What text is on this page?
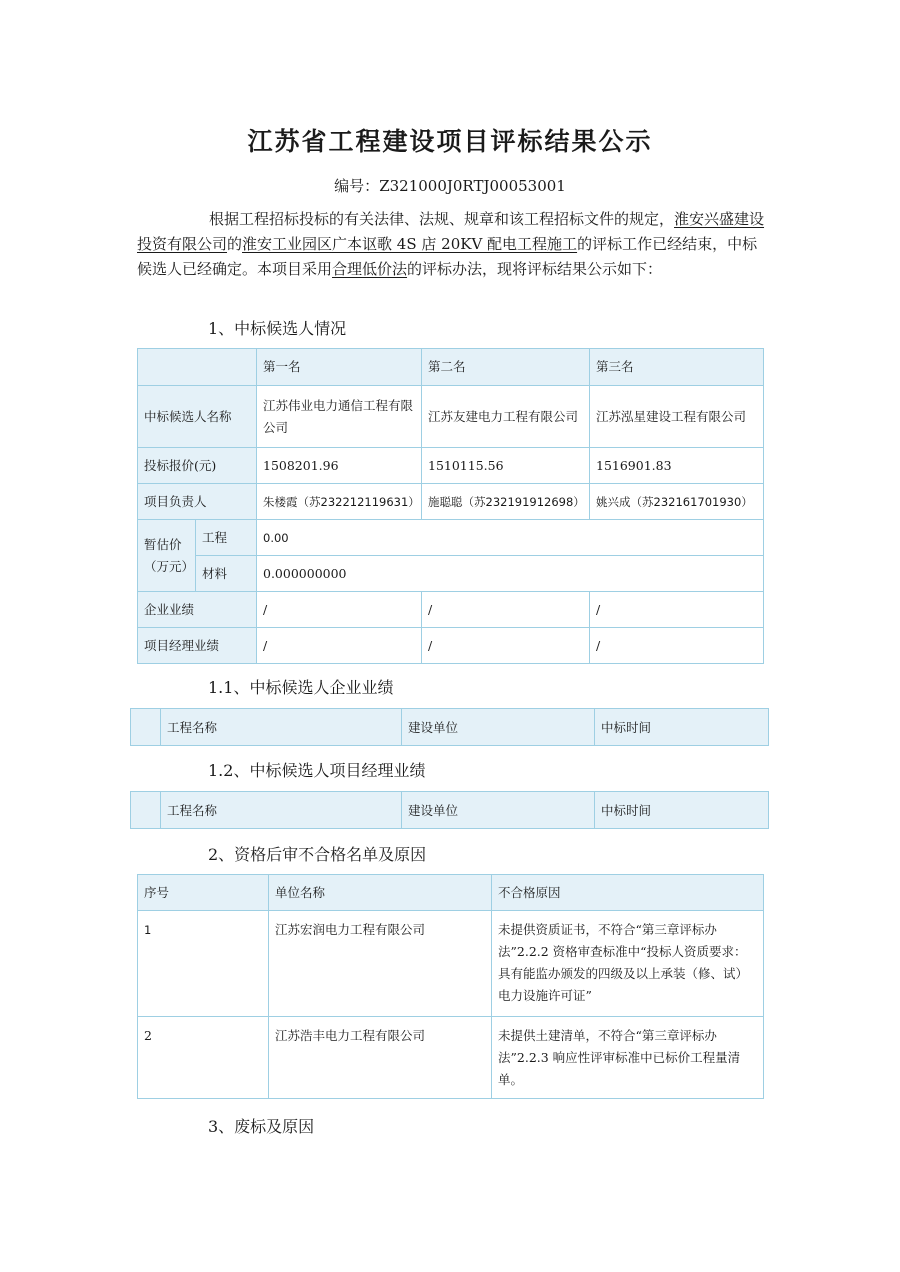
江苏省工程建设项目评标结果公示
编号：Z321000J0RTJ00053001
根据工程招标投标的有关法律、法规、规章和该工程招标文件的规定，淮安兴盛建设投资有限公司的淮安工业园区广本讴歌 4S 店 20KV 配电工程施工的评标工作已经结束，中标候选人已经确定。本项目采用合理低价法的评标办法，现将评标结果公示如下：
1、中标候选人情况
		第一名	第二名	第三名
中标候选人名称		江苏伟业电力通信工程有限公司	江苏友建电力工程有限公司	江苏泓星建设工程有限公司
投标报价(元)		1508201.96	1510115.56	1516901.83
项目负责人		朱楼霞（苏232212119631）	施聪聪（苏232191912698）	姚兴成（苏232161701930）
暂估价（万元）	工程	0.00		
	材料	0.000000000		
企业业绩		/	/	/
项目经理业绩		/	/	/
1.1、中标候选人企业业绩
	工程名称	建设单位	中标时间
1.2、中标候选人项目经理业绩
	工程名称	建设单位	中标时间
2、资格后审不合格名单及原因
序号	单位名称	不合格原因
1	江苏宏润电力工程有限公司	未提供资质证书，不符合“第三章评标办法”2.2.2 资格审查标准中“投标人资质要求：具有能监办颁发的四级及以上承装（修、试）电力设施许可证”
2	江苏浩丰电力工程有限公司	未提供土建清单，不符合“第三章评标办法”2.2.3 响应性评审标准中已标价工程量清单。
3、废标及原因
